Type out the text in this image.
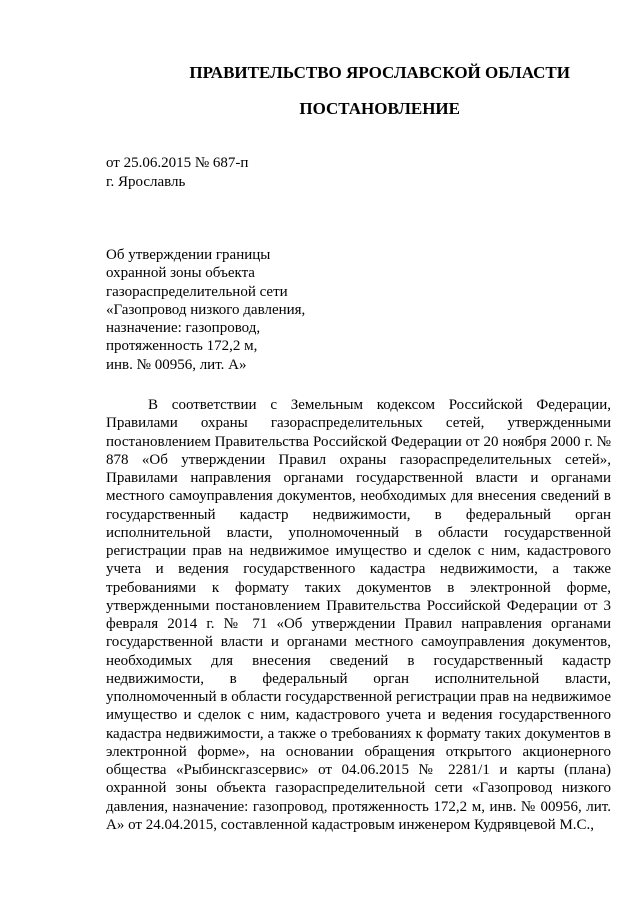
ПРАВИТЕЛЬСТВО ЯРОСЛАВСКОЙ ОБЛАСТИ
ПОСТАНОВЛЕНИЕ
от 25.06.2015 № 687-п
г. Ярославль
Об утверждении границы
охранной зоны объекта
газораспределительной сети
«Газопровод низкого давления,
назначение: газопровод,
протяженность 172,2 м,
инв. № 00956, лит. А»

В соответствии с Земельным кодексом Российской Федерации, Правилами охраны газораспределительных сетей, утвержденными постановлением Правительства Российской Федерации от 20 ноября 2000 г. № 878 «Об утверждении Правил охраны газораспределительных сетей», Правилами направления органами государственной власти и органами местного самоуправления документов, необходимых для внесения сведений в государственный кадастр недвижимости, в федеральный орган исполнительной власти, уполномоченный в области государственной регистрации прав на недвижимое имущество и сделок с ним, кадастрового учета и ведения государственного кадастра недвижимости, а также требованиями к формату таких документов в электронной форме, утвержденными постановлением Правительства Российской Федерации от 3 февраля 2014 г. № 71 «Об утверждении Правил направления органами государственной власти и органами местного самоуправления документов, необходимых для внесения сведений в государственный кадастр недвижимости, в федеральный орган исполнительной власти, уполномоченный в области государственной регистрации прав на недвижимое имущество и сделок с ним, кадастрового учета и ведения государственного кадастра недвижимости, а также о требованиях к формату таких документов в электронной форме», на основании обращения открытого акционерного общества «Рыбинскгазсервис» от 04.06.2015 № 2281/1 и карты (плана) охранной зоны объекта газораспределительной сети «Газопровод низкого давления, назначение: газопровод, протяженность 172,2 м, инв. № 00956, лит. А» от 24.04.2015, составленной кадастровым инженером Кудрявцевой М.С.,
